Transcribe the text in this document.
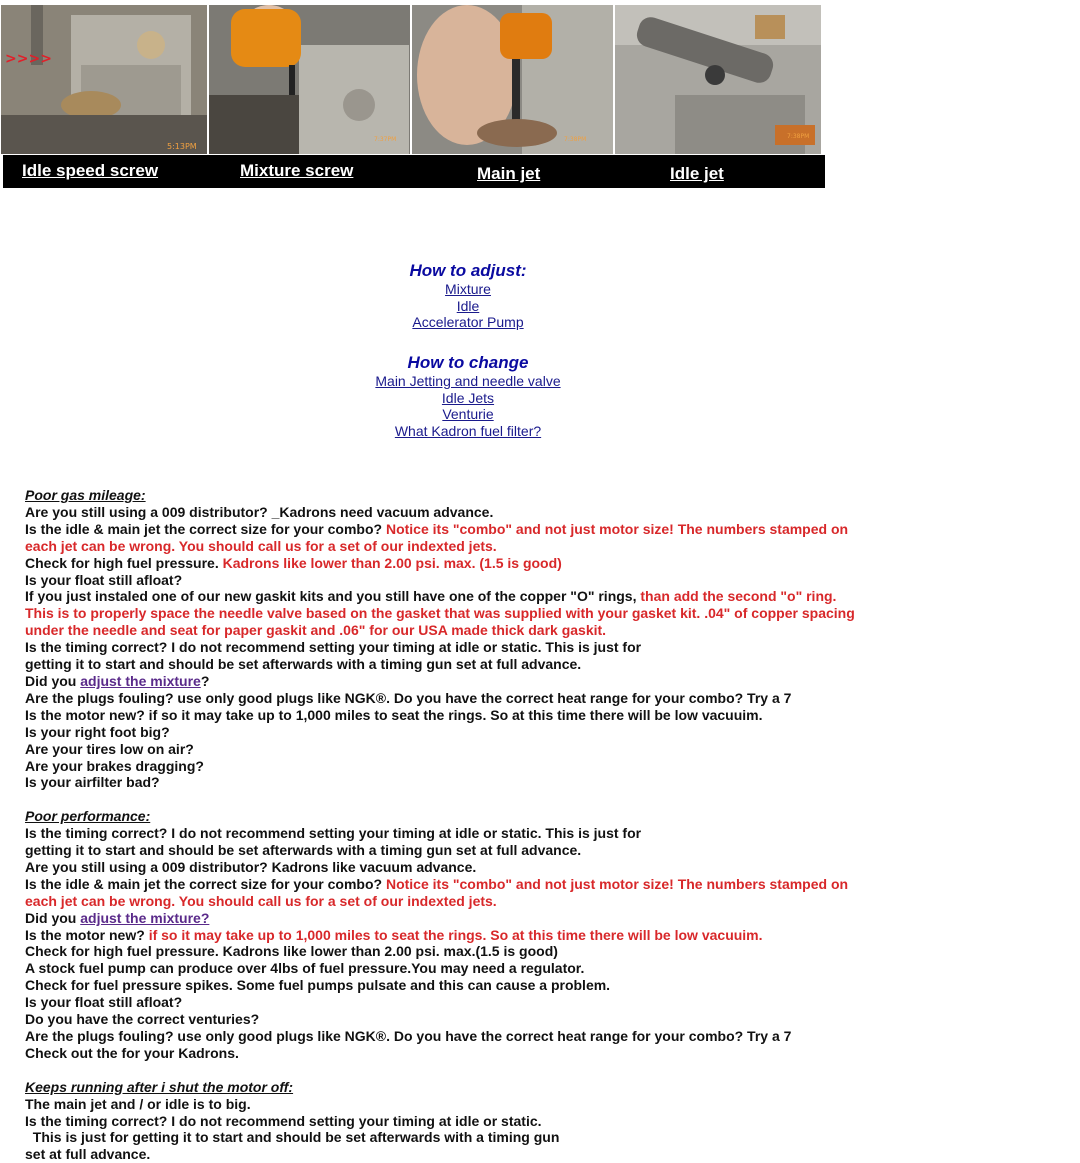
>>>>
5:13PM
7:37PM	7:38PM	7:38PM
Idle speed screw	Mixture screw	Main jet	Idle jet
How to adjust:
Mixture
Idle
Accelerator Pump
How to change
Main Jetting and needle valve
Idle Jets
Venturie
What Kadron fuel filter?

Poor gas mileage:

Are you still using a 009 distributor? _Kadrons need vacuum advance.

Is the idle & main jet the correct size for your combo? Notice its "combo" and not just motor size! The numbers stamped on each jet can be wrong. You should call us for a set of our indexted jets.

Check for high fuel pressure. Kadrons like lower than 2.00 psi. max. (1.5 is good)

Is your float still afloat?

If you just instaled one of our new gaskit kits and you still have one of the copper "O" rings, than add the second "o" ring. This is to properly space the needle valve based on the gasket that was supplied with your gasket kit. .04" of copper spacing under the needle and seat for paper gaskit and .06" for our USA made thick dark gaskit.

Is the timing correct? I do not recommend setting your timing at idle or static. This is just for

getting it to start and should be set afterwards with a timing gun set at full advance.

Did you adjust the mixture?

Are the plugs fouling? use only good plugs like NGK®. Do you have the correct heat range for your combo? Try a 7

Is the motor new? if so it may take up to 1,000 miles to seat the rings. So at this time there will be low vacuuim.

Is your right foot big?

Are your tires low on air?

Are your brakes dragging?

Is your airfilter bad?

Poor performance:

Is the timing correct? I do not recommend setting your timing at idle or static. This is just for

getting it to start and should be set afterwards with a timing gun set at full advance.

Are you still using a 009 distributor? Kadrons like vacuum advance.

Is the idle & main jet the correct size for your combo? Notice its "combo" and not just motor size! The numbers stamped on each jet can be wrong. You should call us for a set of our indexted jets.

Did you adjust the mixture?

Is the motor new? if so it may take up to 1,000 miles to seat the rings. So at this time there will be low vacuuim.

Check for high fuel pressure. Kadrons like lower than 2.00 psi. max.(1.5 is good)

A stock fuel pump can produce over 4lbs of fuel pressure.You may need a regulator.

Check for fuel pressure spikes. Some fuel pumps pulsate and this can cause a problem.

Is your float still afloat?

Do you have the correct venturies?

Are the plugs fouling? use only good plugs like NGK®. Do you have the correct heat range for your combo? Try a 7

Check out the for your Kadrons.

Keeps running after i shut the motor off:

The main jet and / or idle is to big.

Is the timing correct? I do not recommend setting your timing at idle or static.

This is just for getting it to start and should be set afterwards with a timing gun

set at full advance.
